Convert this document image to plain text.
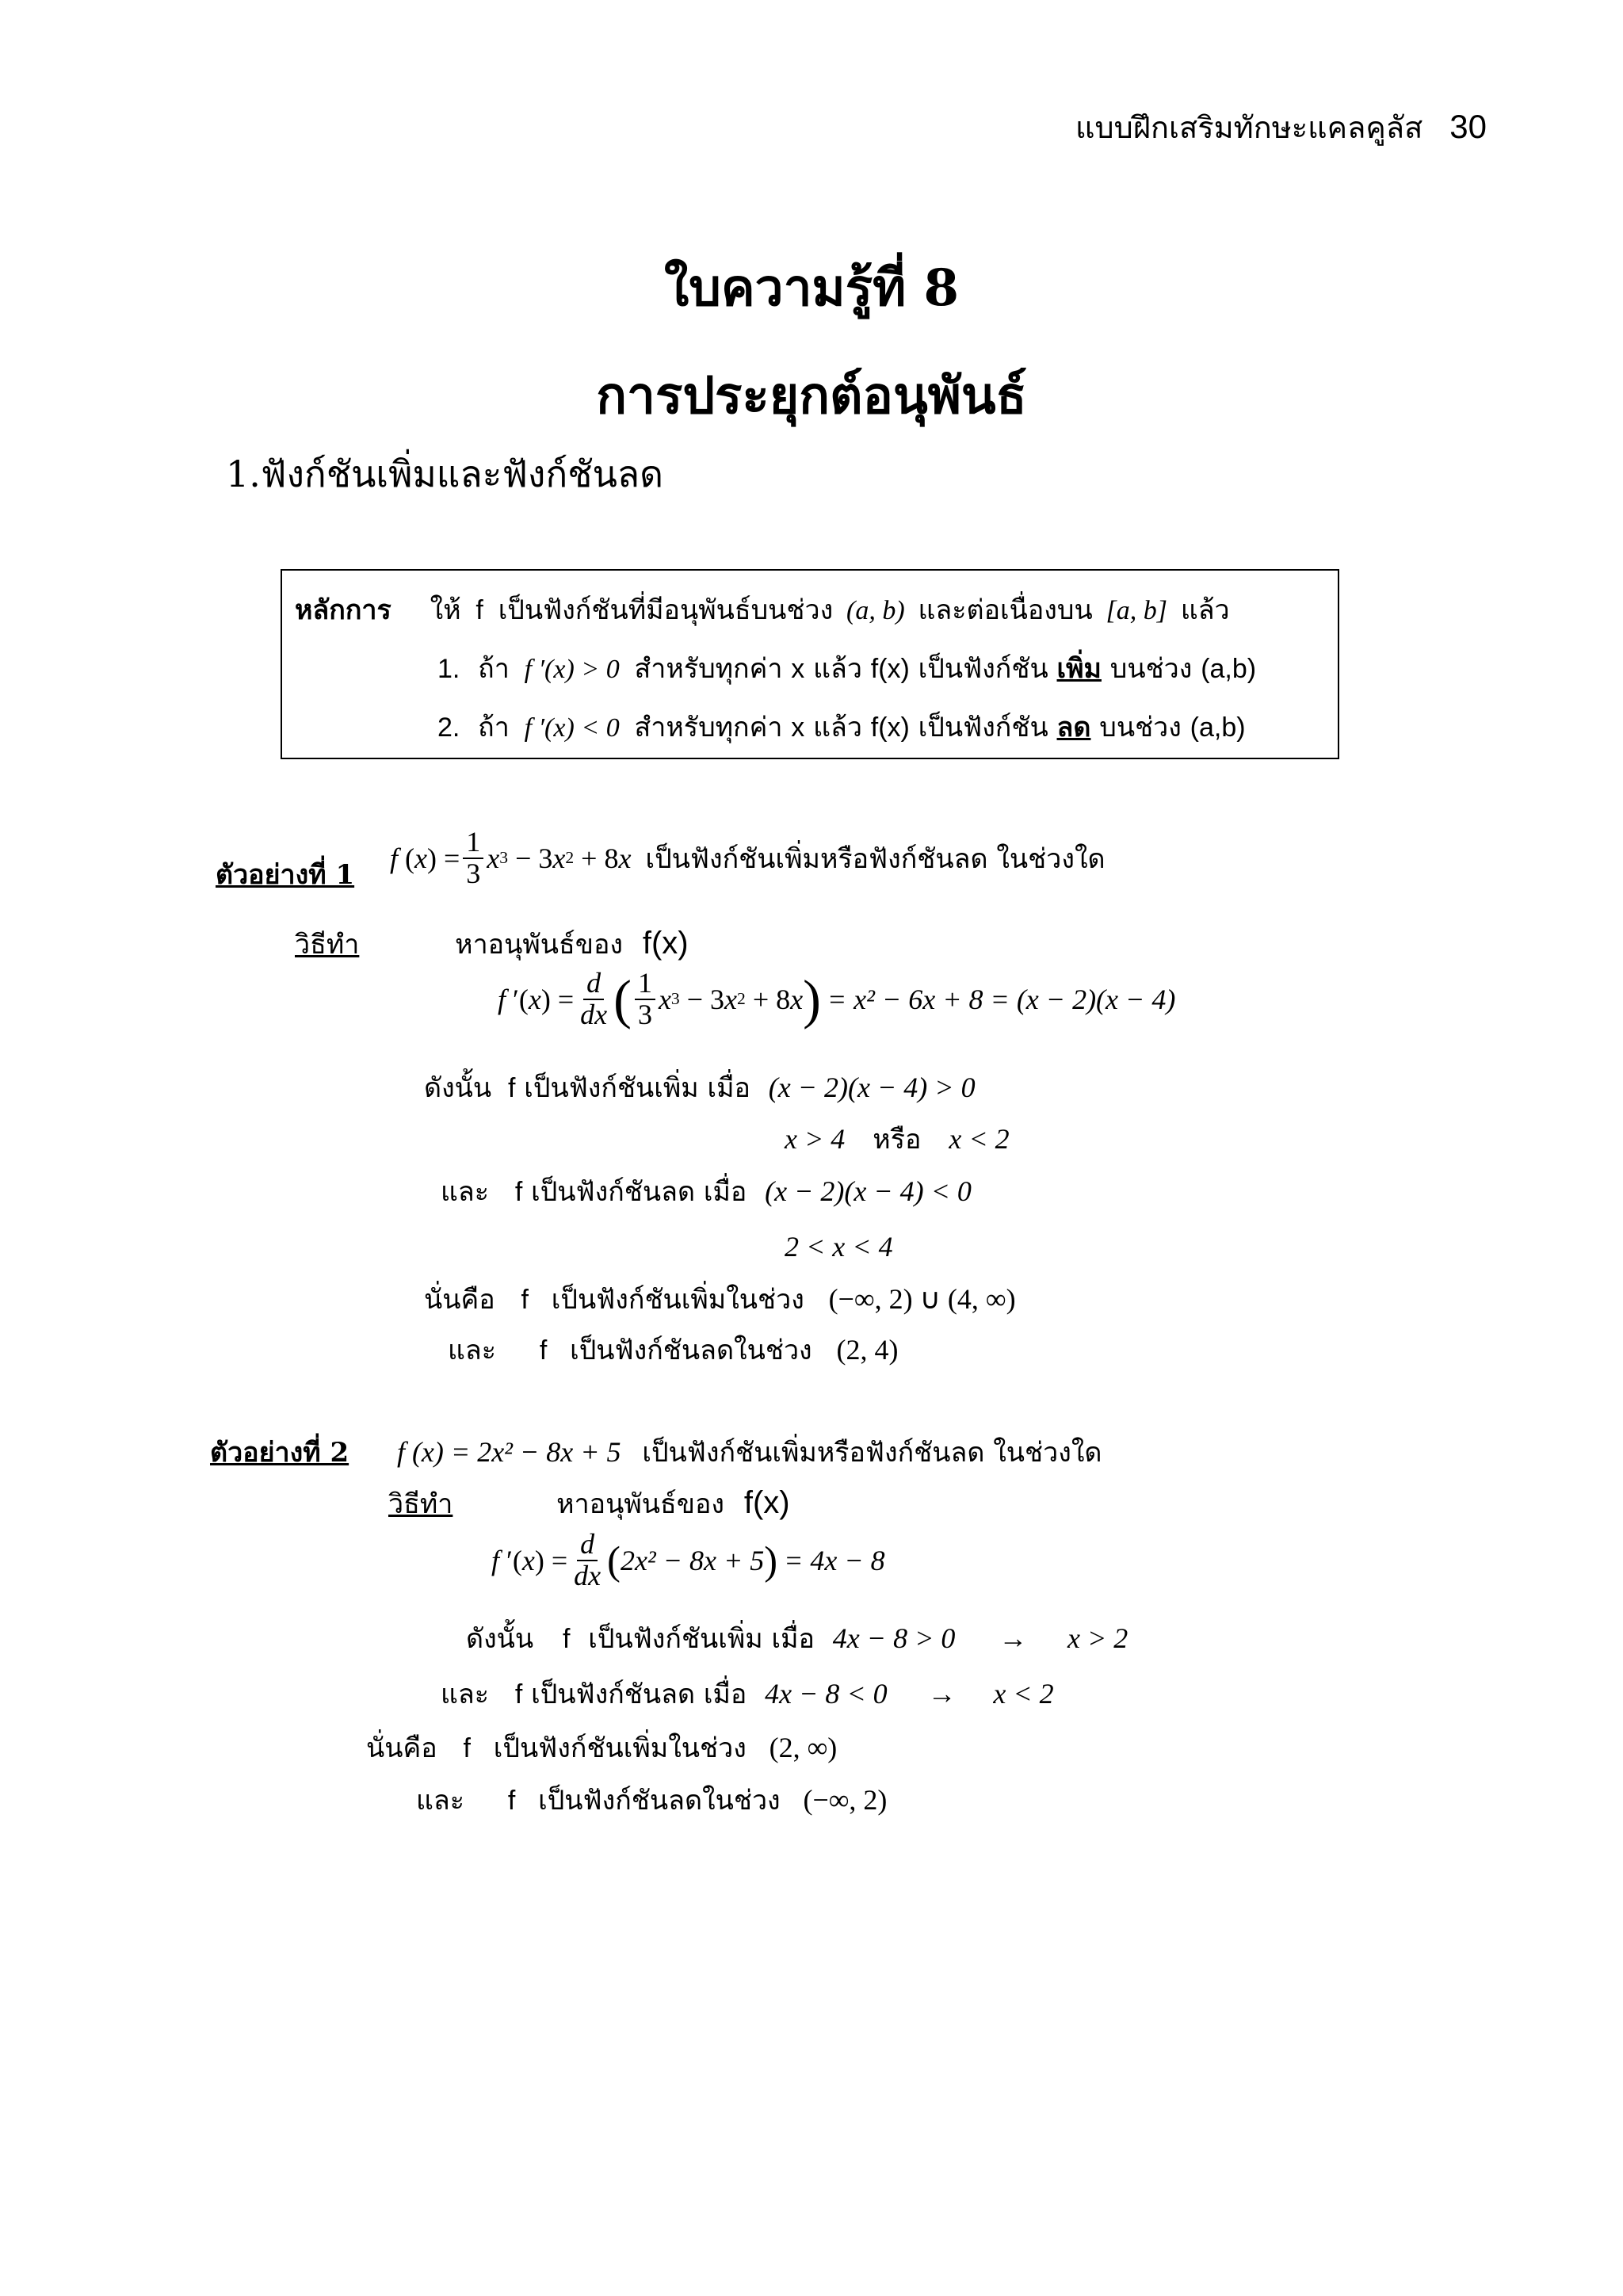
แบบฝึกเสริมทักษะแคลคูลัส 30
ใบความรู้ที่ 8
การประยุกต์อนุพันธ์
1.ฟังก์ชันเพิ่มและฟังก์ชันลด
หลักการ ให้ f เป็นฟังก์ชันที่มีอนุพันธ์บนช่วง (a, b) และต่อเนื่องบน [a, b] แล้ว
1. ถ้า f ′(x) > 0 สำหรับทุกค่า x แล้ว f(x) เป็นฟังก์ชัน เพิ่ม บนช่วง (a,b)
2. ถ้า f ′(x) < 0 สำหรับทุกค่า x แล้ว f(x) เป็นฟังก์ชัน ลด บนช่วง (a,b)
ตัวอย่างที่ 1
f ( x ) = $\frac{1}{3}$ x 3 − 3 x 2 + 8 x เป็นฟังก์ชันเพิ่มหรือฟังก์ชันลด ในช่วงใด
วิธีทำ	หาอนุพันธ์ของ f(x)
f ′( x ) = $\frac{d}{dx}$ ( $\frac{1}{3}$ x 3 − 3 x 2 + 8 x ) = x² − 6x + 8 = (x − 2)(x − 4)
ดังนั้น f เป็นฟังก์ชันเพิ่ม เมื่อ (x − 2)(x − 4) > 0
x > 4 หรือ x < 2
และ f เป็นฟังก์ชันลด เมื่อ (x − 2)(x − 4) < 0
2 < x < 4
นั่นคือ f เป็นฟังก์ชันเพิ่มในช่วง (−∞, 2) ∪ (4, ∞)
และ f เป็นฟังก์ชันลดในช่วง (2, 4)
ตัวอย่างที่ 2 f (x) = 2x² − 8x + 5 เป็นฟังก์ชันเพิ่มหรือฟังก์ชันลด ในช่วงใด
วิธีทำ	หาอนุพันธ์ของ f(x)
f ′( x ) = $\frac{d}{dx}$ ( 2x² − 8x + 5 ) = 4x − 8
ดังนั้น f เป็นฟังก์ชันเพิ่ม เมื่อ 4x − 8 > 0 → x > 2
และ f เป็นฟังก์ชันลด เมื่อ 4x − 8 < 0 → x < 2
นั่นคือ f เป็นฟังก์ชันเพิ่มในช่วง (2, ∞)
และ f เป็นฟังก์ชันลดในช่วง (−∞, 2)
